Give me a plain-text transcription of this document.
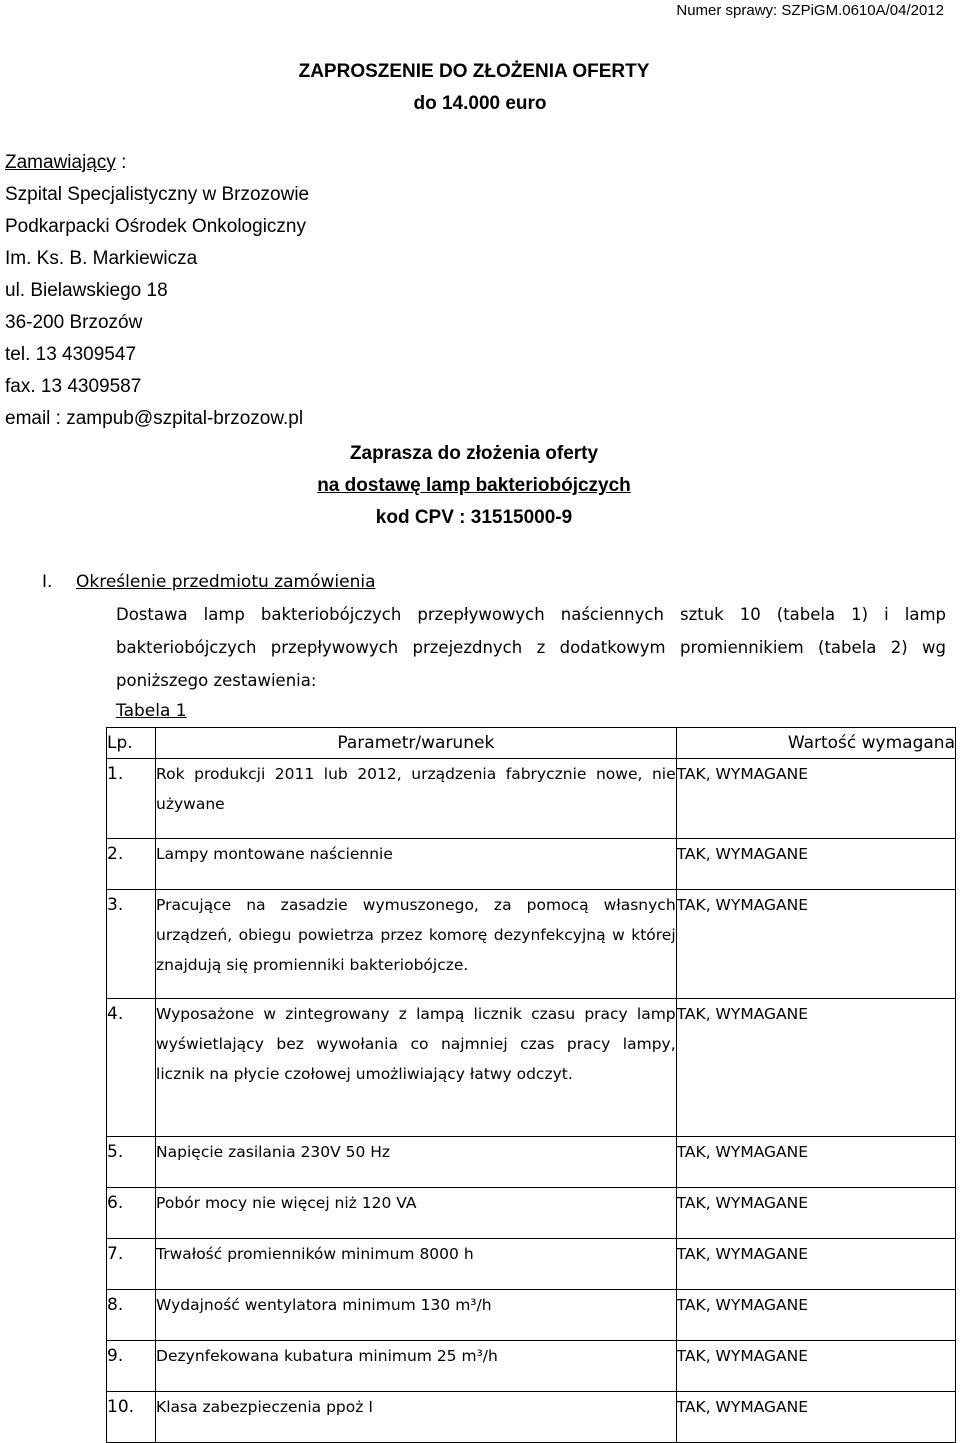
Numer sprawy: SZPiGM.0610A/04/2012
ZAPROSZENIE DO ZŁOŻENIA OFERTY
do 14.000 euro
Zamawiający :
Szpital Specjalistyczny w Brzozowie
Podkarpacki Ośrodek Onkologiczny
Im. Ks. B. Markiewicza
ul. Bielawskiego 18
36-200 Brzozów
tel. 13 4309547
fax. 13 4309587
email : zampub@szpital-brzozow.pl
Zaprasza do złożenia oferty
na dostawę lamp bakteriobójczych
kod CPV : 31515000-9
I. Określenie przedmiotu zamówienia
Dostawa lamp bakteriobójczych przepływowych naściennych sztuk 10 (tabela 1) i lamp bakteriobójczych przepływowych przejezdnych z dodatkowym promiennikiem (tabela 2) wg poniższego zestawienia:
Tabela 1
Lp.	Parametr/warunek	Wartość wymagana
1.	Rok produkcji 2011 lub 2012, urządzenia fabrycznie nowe, nie używane	TAK, WYMAGANE
2.	Lampy montowane naściennie	TAK, WYMAGANE
3.	Pracujące na zasadzie wymuszonego, za pomocą własnych urządzeń, obiegu powietrza przez komorę dezynfekcyjną w której znajdują się promienniki bakteriobójcze.	TAK, WYMAGANE
4.	Wyposażone w zintegrowany z lampą licznik czasu pracy lamp wyświetlający bez wywołania co najmniej czas pracy lampy, licznik na płycie czołowej umożliwiający łatwy odczyt.	TAK, WYMAGANE
5.	Napięcie zasilania 230V 50 Hz	TAK, WYMAGANE
6.	Pobór mocy nie więcej niż 120 VA	TAK, WYMAGANE
7.	Trwałość promienników minimum 8000 h	TAK, WYMAGANE
8.	Wydajność wentylatora minimum 130 m³/h	TAK, WYMAGANE
9.	Dezynfekowana kubatura minimum 25 m³/h	TAK, WYMAGANE
10.	Klasa zabezpieczenia ppoż I	TAK, WYMAGANE
